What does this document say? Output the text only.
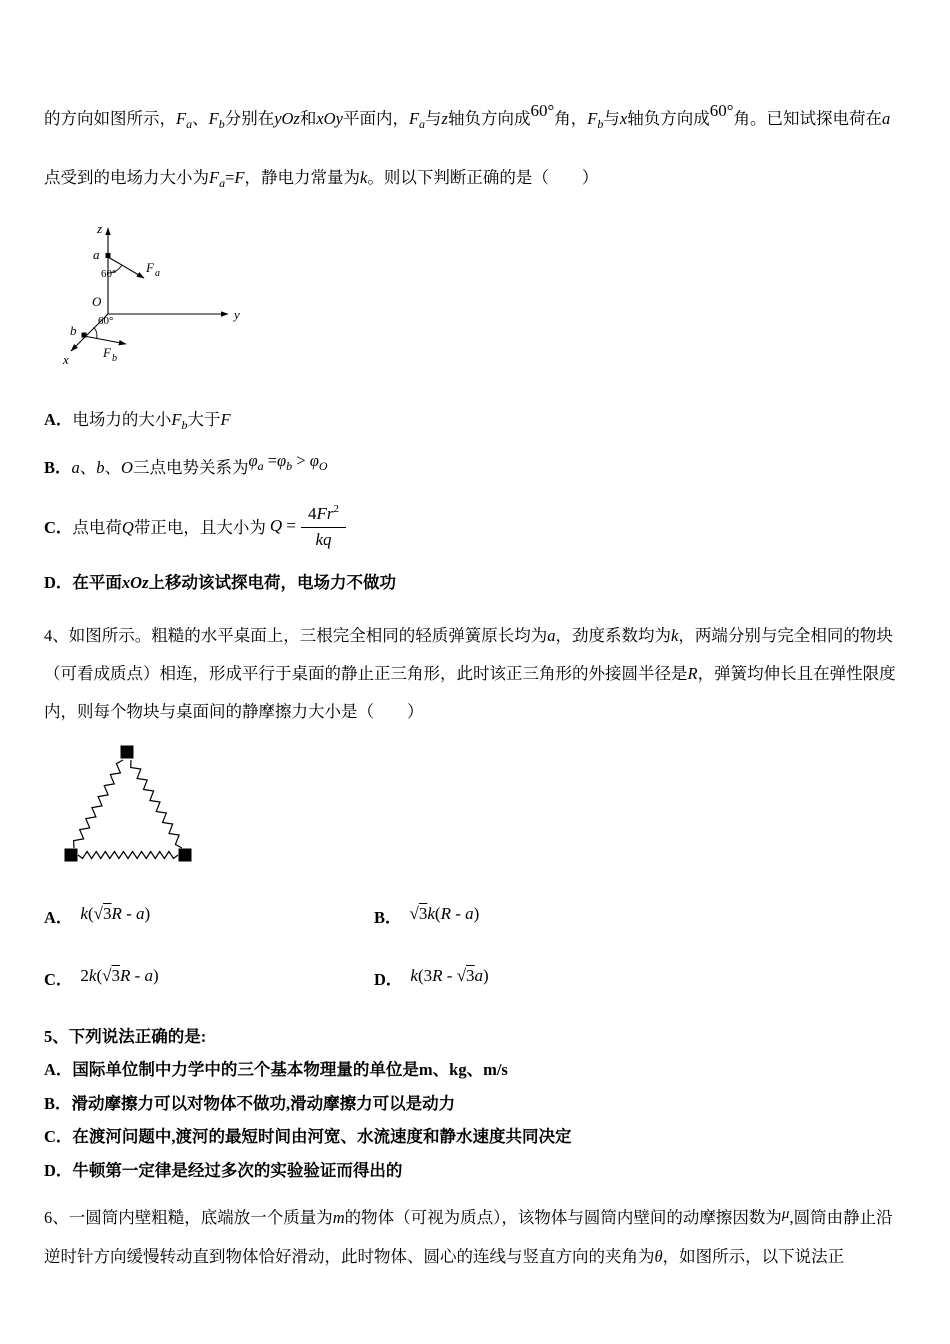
的方向如图所示，$F_a$、$F_b$分别在yOz和xOy平面内，$F_a$与z轴负方向成60°角，$F_b$与x轴负方向成60°角。已知试探电荷在a点受到的电场力大小为$F_a=F$，静电力常量为k。则以下判断正确的是（　　）

z
y
x
O
a
b
60°
60°
F a
F b

A．电场力的大小$F_b$大于F

B．a、b、O三点电势关系为$\varphi_a =\varphi_b > \varphi_O$

C．点电荷Q带正电，且大小为 $Q = \frac{4Fr^2}{kq}$

D．在平面xOz上移动该试探电荷，电场力不做功

4、如图所示。粗糙的水平桌面上，三根完全相同的轻质弹簧原长均为a，劲度系数均为k，两端分别与完全相同的物块（可看成质点）相连，形成平行于桌面的静止正三角形，此时该正三角形的外接圆半径是R，弹簧均伸长且在弹性限度内，则每个物块与桌面间的静摩擦力大小是（　　）

A． k(√3R - a)	B． √3k(R - a)

C． 2k(√3R - a)	D． k(3R - √3a)

5、下列说法正确的是:

A．国际单位制中力学中的三个基本物理量的单位是m、kg、m/s

B．滑动摩擦力可以对物体不做功,滑动摩擦力可以是动力

C．在渡河问题中,渡河的最短时间由河宽、水流速度和静水速度共同决定

D．牛顿第一定律是经过多次的实验验证而得出的

6、一圆筒内壁粗糙，底端放一个质量为m的物体（可视为质点），该物体与圆筒内壁间的动摩擦因数为μ,圆筒由静止沿逆时针方向缓慢转动直到物体恰好滑动，此时物体、圆心的连线与竖直方向的夹角为θ，如图所示，以下说法正
